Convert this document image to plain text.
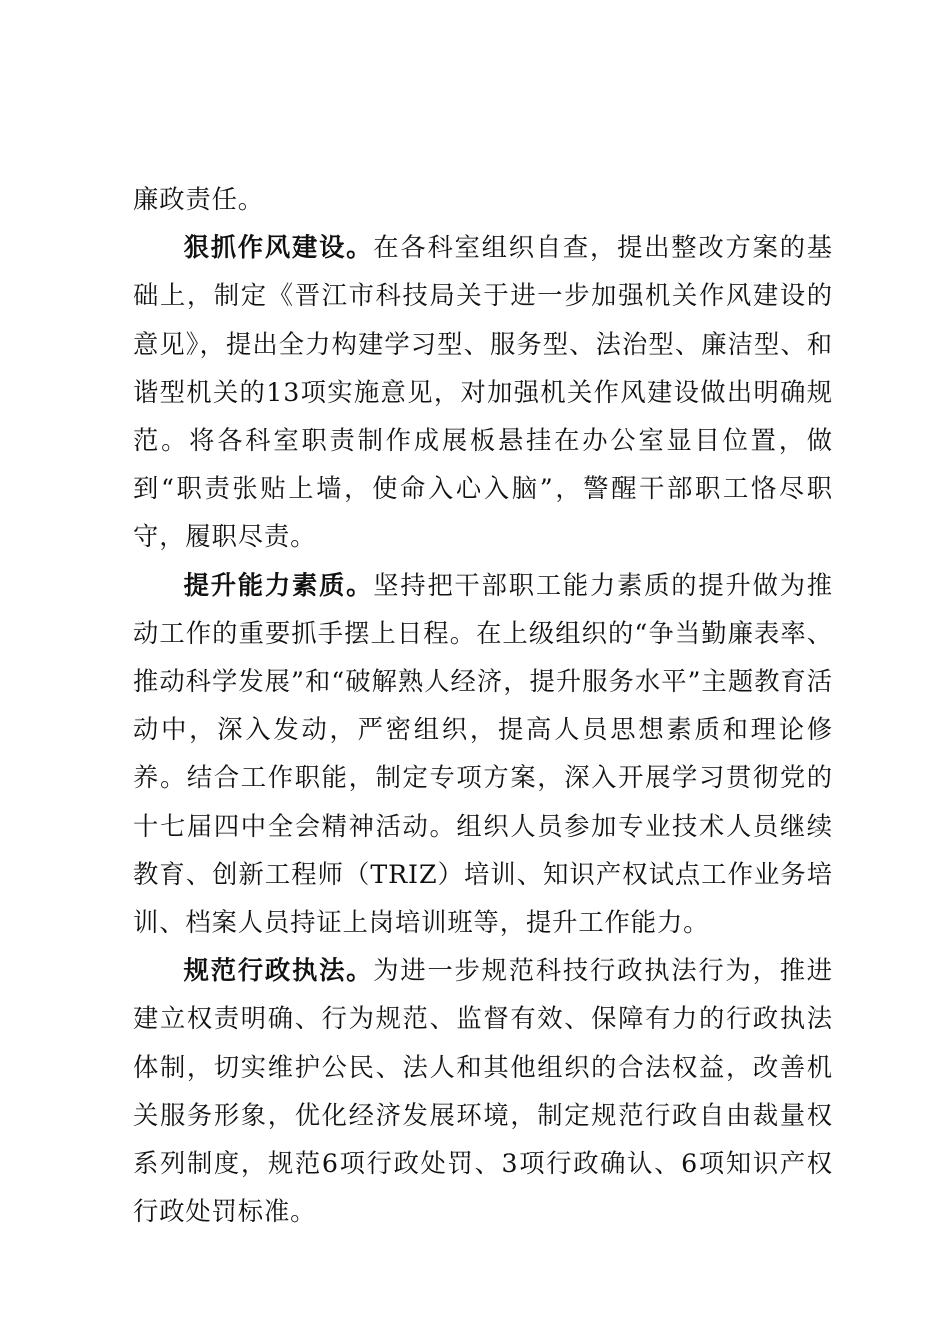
廉政责任。

狠抓作风建设。在各科室组织自查，提出整改方案的基础上，制定《晋江市科技局关于进一步加强机关作风建设的意见》，提出全力构建学习型、服务型、法治型、廉洁型、和谐型机关的13项实施意见，对加强机关作风建设做出明确规范。将各科室职责制作成展板悬挂在办公室显目位置，做到“职责张贴上墙，使命入心入脑”，警醒干部职工恪尽职守，履职尽责。

提升能力素质。坚持把干部职工能力素质的提升做为推动工作的重要抓手摆上日程。在上级组织的“争当勤廉表率、推动科学发展”和“破解熟人经济，提升服务水平”主题教育活动中，深入发动，严密组织，提高人员思想素质和理论修养。结合工作职能，制定专项方案，深入开展学习贯彻党的十七届四中全会精神活动。组织人员参加专业技术人员继续教育、创新工程师（TRIZ）培训、知识产权试点工作业务培训、档案人员持证上岗培训班等，提升工作能力。

规范行政执法。为进一步规范科技行政执法行为，推进建立权责明确、行为规范、监督有效、保障有力的行政执法体制，切实维护公民、法人和其他组织的合法权益，改善机关服务形象，优化经济发展环境，制定规范行政自由裁量权系列制度，规范6项行政处罚、3项行政确认、6项知识产权行政处罚标准。
